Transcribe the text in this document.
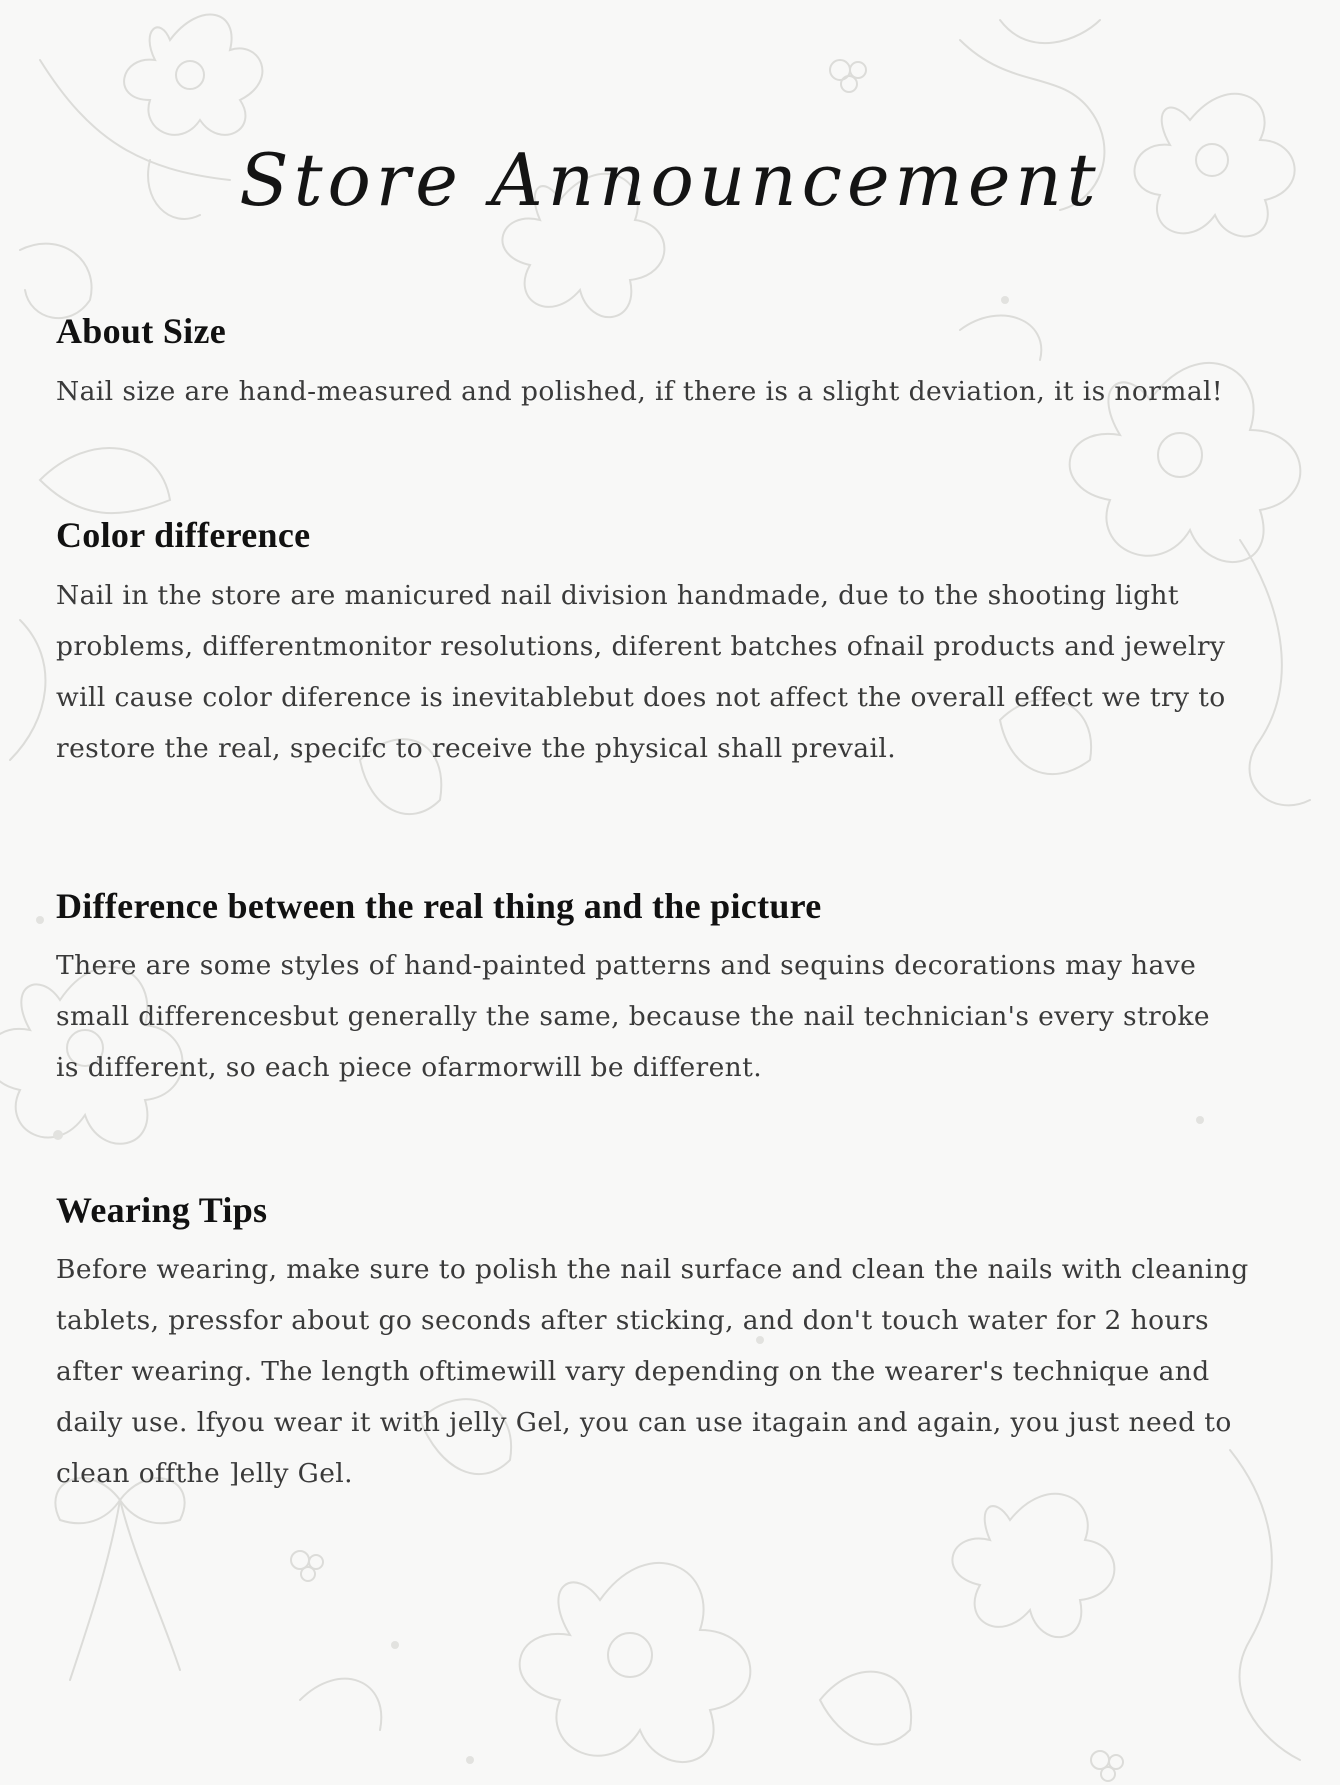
Store Announcement
About Size

Nail size are hand-measured and polished, if there is a slight deviation, it is normal!

Color difference

Nail in the store are manicured nail division handmade, due to the shooting light
problems, differentmonitor resolutions, diferent batches ofnail products and jewelry
will cause color diference is inevitablebut does not affect the overall effect we try to
restore the real, specifc to receive the physical shall prevail.

Difference between the real thing and the picture

There are some styles of hand-painted patterns and sequins decorations may have
small differencesbut generally the same, because the nail technician's every stroke
is different, so each piece ofarmorwill be different.

Wearing Tips

Before wearing, make sure to polish the nail surface and clean the nails with cleaning
tablets, pressfor about go seconds after sticking, and don't touch water for 2 hours
after wearing. The length oftimewill vary depending on the wearer's technique and
daily use. lfyou wear it with jelly Gel, you can use itagain and again, you just need to
clean offthe ]elly Gel.
